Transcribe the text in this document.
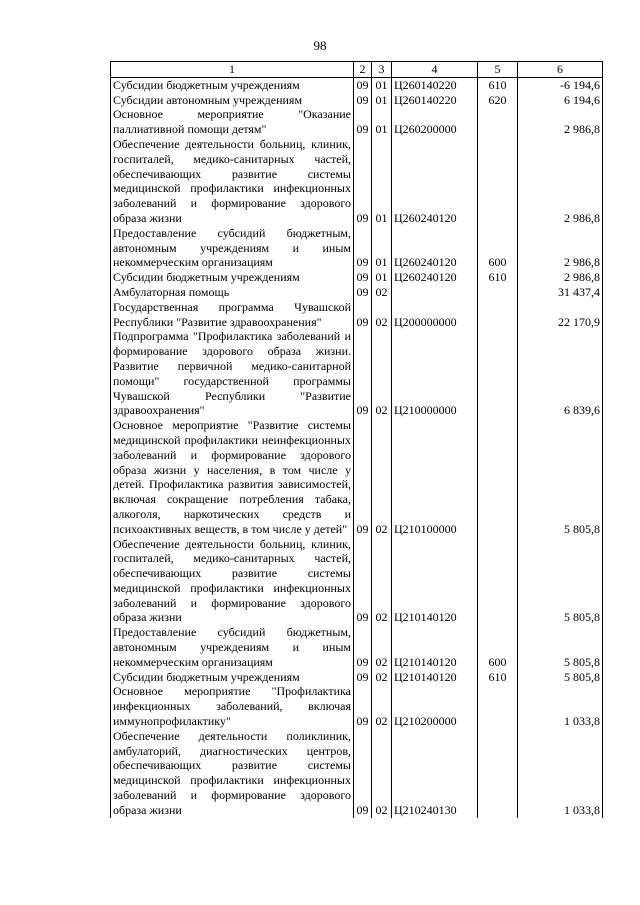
98
1	2	3	4	5	6
Субсидии бюджетным учреждениям	09	01	Ц260140220	610	-6 194,6
Субсидии автономным учреждениям	09	01	Ц260140220	620	6 194,6
Основное мероприятие "Оказание паллиативной помощи детям"	09	01	Ц260200000		2 986,8
Обеспечение деятельности больниц, клиник, госпиталей, медико-санитарных частей, обеспечивающих развитие системы медицинской профилактики инфекционных заболеваний и формирование здорового образа жизни	09	01	Ц260240120		2 986,8
Предоставление субсидий бюджетным, автономным учреждениям и иным некоммерческим организациям	09	01	Ц260240120	600	2 986,8
Субсидии бюджетным учреждениям	09	01	Ц260240120	610	2 986,8
Амбулаторная помощь	09	02			31 437,4
Государственная программа Чувашской Республики "Развитие здравоохранения"	09	02	Ц200000000		22 170,9
Подпрограмма "Профилактика заболеваний и формирование здорового образа жизни. Развитие первичной медико-санитарной помощи" государственной программы Чувашской Республики "Развитие здравоохранения"	09	02	Ц210000000		6 839,6
Основное мероприятие "Развитие системы медицинской профилактики неинфекционных заболеваний и формирование здорового образа жизни у населения, в том числе у детей. Профилактика развития зависимостей, включая сокращение потребления табака, алкоголя, наркотических средств и психоактивных веществ, в том числе у детей"	09	02	Ц210100000		5 805,8
Обеспечение деятельности больниц, клиник, госпиталей, медико-санитарных частей, обеспечивающих развитие системы медицинской профилактики инфекционных заболеваний и формирование здорового образа жизни	09	02	Ц210140120		5 805,8
Предоставление субсидий бюджетным, автономным учреждениям и иным некоммерческим организациям	09	02	Ц210140120	600	5 805,8
Субсидии бюджетным учреждениям	09	02	Ц210140120	610	5 805,8
Основное мероприятие "Профилактика инфекционных заболеваний, включая иммунопрофилактику"	09	02	Ц210200000		1 033,8
Обеспечение деятельности поликлиник, амбулаторий, диагностических центров, обеспечивающих развитие системы медицинской профилактики инфекционных заболеваний и формирование здорового образа жизни	09	02	Ц210240130		1 033,8
